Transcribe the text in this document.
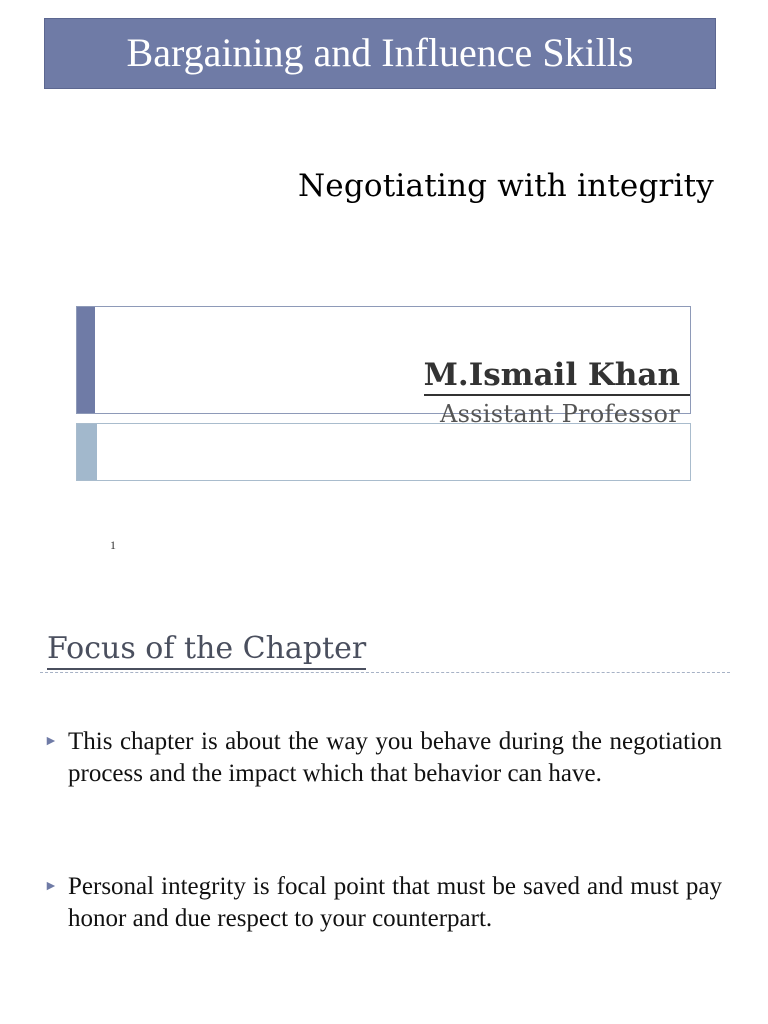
Bargaining and Influence Skills
Negotiating with integrity
M.Ismail Khan
Assistant Professor
1
Focus of the Chapter
► This chapter is about the way you behave during the negotiation process and the impact which that behavior can have.
► Personal integrity is focal point that must be saved and must pay honor and due respect to your counterpart.
